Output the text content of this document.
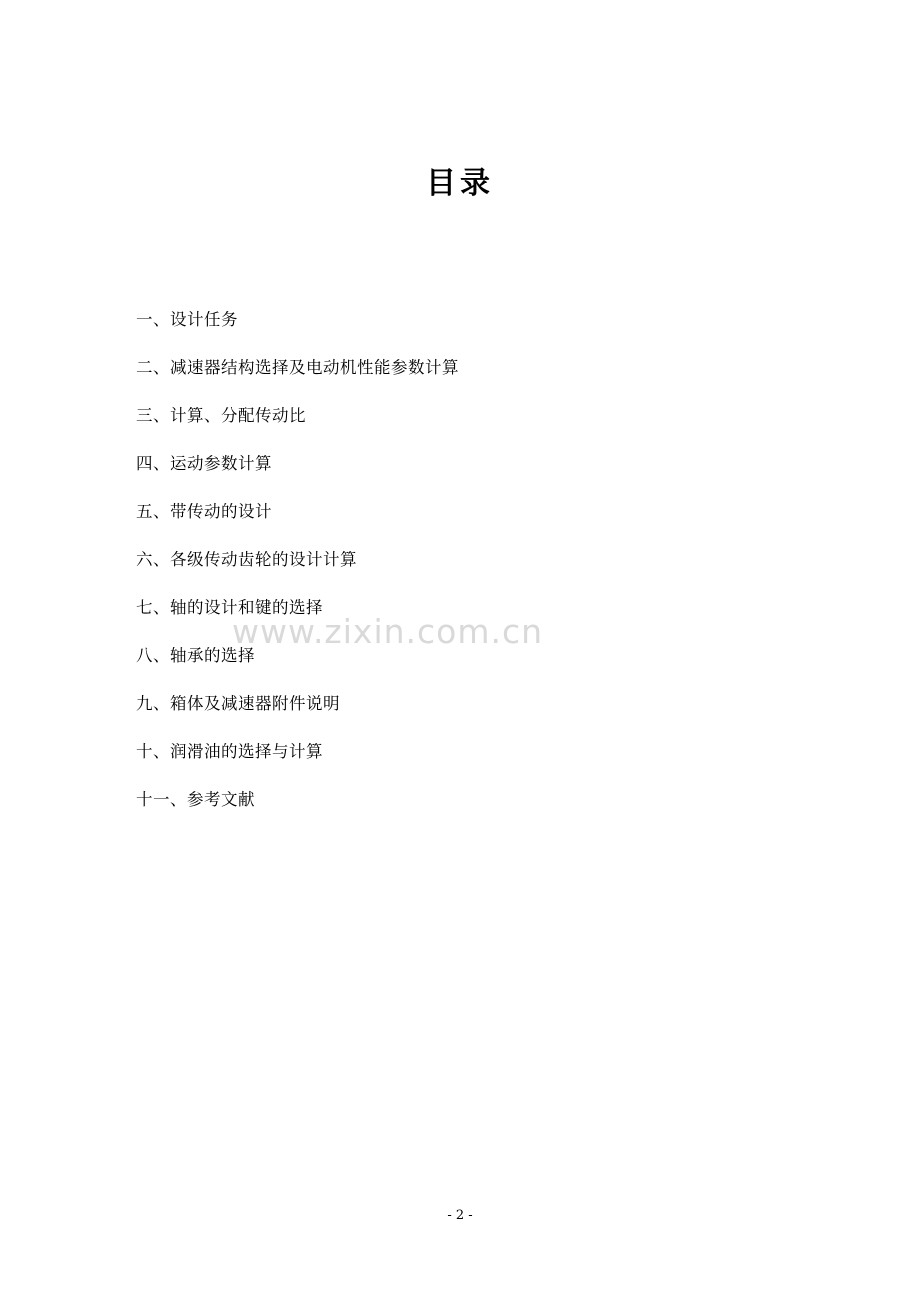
目录
一、设计任务
二、减速器结构选择及电动机性能参数计算
三、计算、分配传动比
四、运动参数计算
五、带传动的设计
六、各级传动齿轮的设计计算
七、轴的设计和键的选择
八、轴承的选择
九、箱体及减速器附件说明
十、润滑油的选择与计算
十一、参考文献
www.zixin.com.cn
- 2 -
